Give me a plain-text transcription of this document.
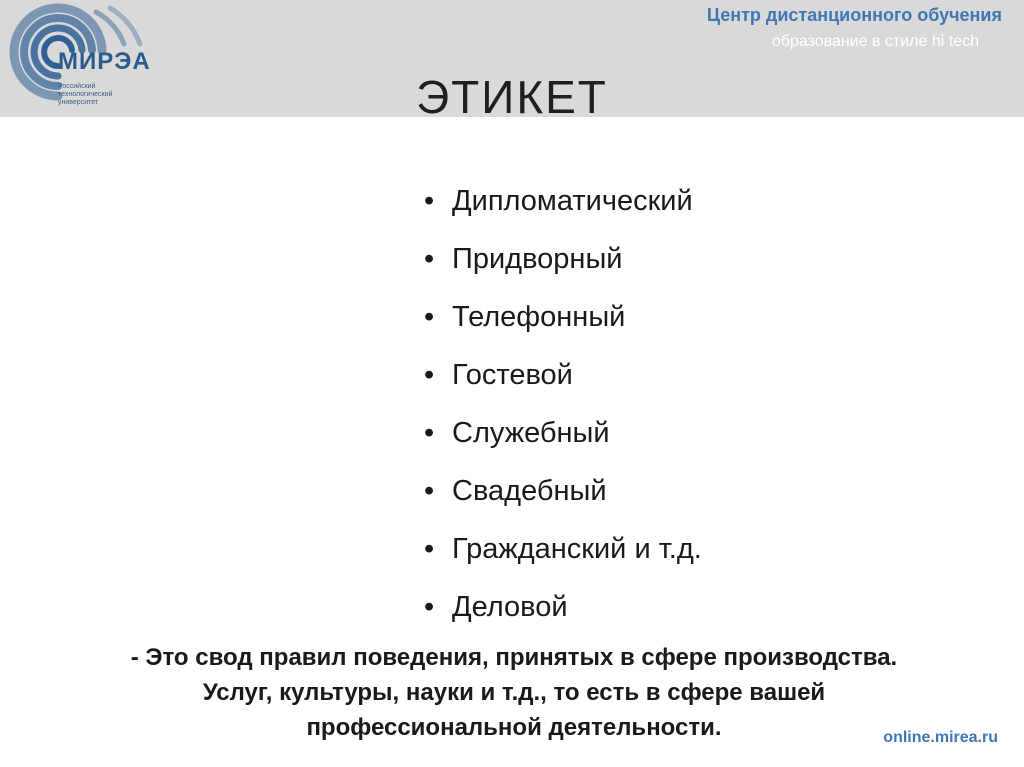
МИРЭА
Российский технологический университет
Центр дистанционного обучения
образование в стиле hi tech
ЭТИКЕТ
• Дипломатический
• Придворный
• Телефонный
• Гостевой
• Служебный
• Свадебный
• Гражданский и т.д.
• Деловой
- Это свод правил поведения, принятых в сфере производства. Услуг, культуры, науки и т.д., то есть в сфере вашей профессиональной деятельности.	online.mirea.ru
